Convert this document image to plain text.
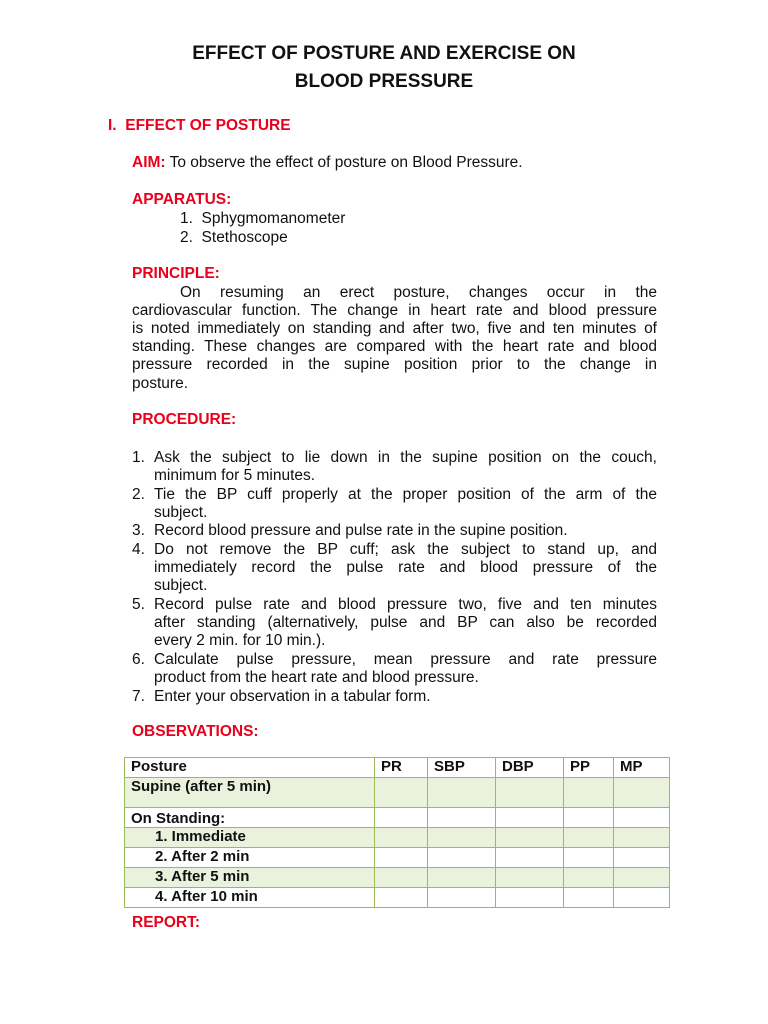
EFFECT OF POSTURE AND EXERCISE ON
BLOOD PRESSURE
I.  EFFECT OF POSTURE
AIM: To observe the effect of posture on Blood Pressure.
APPARATUS:
1.  Sphygmomanometer
2.  Stethoscope
PRINCIPLE:
On resuming an erect posture, changes occur in the
cardiovascular function. The change in heart rate and blood pressure
is noted immediately on standing and after two, five and ten minutes of
standing. These changes are compared with the heart rate and blood
pressure recorded in the supine position prior to the change in
posture.
PROCEDURE:
1. Ask the subject to lie down in the supine position on the couch,
minimum for 5 minutes.
2. Tie the BP cuff properly at the proper position of the arm of the
subject.
3. Record blood pressure and pulse rate in the supine position.
4. Do not remove the BP cuff; ask the subject to stand up, and
immediately record the pulse rate and blood pressure of the
subject.
5. Record pulse rate and blood pressure two, five and ten minutes
after standing (alternatively, pulse and BP can also be recorded
every 2 min. for 10 min.).
6. Calculate pulse pressure, mean pressure and rate pressure
product from the heart rate and blood pressure.
7. Enter your observation in a tabular form.
OBSERVATIONS:
Posture	PR	SBP	DBP	PP	MP
Supine (after 5 min)					
On Standing:					
1. Immediate					
2. After 2 min					
3. After 5 min					
4. After 10 min					
REPORT:
